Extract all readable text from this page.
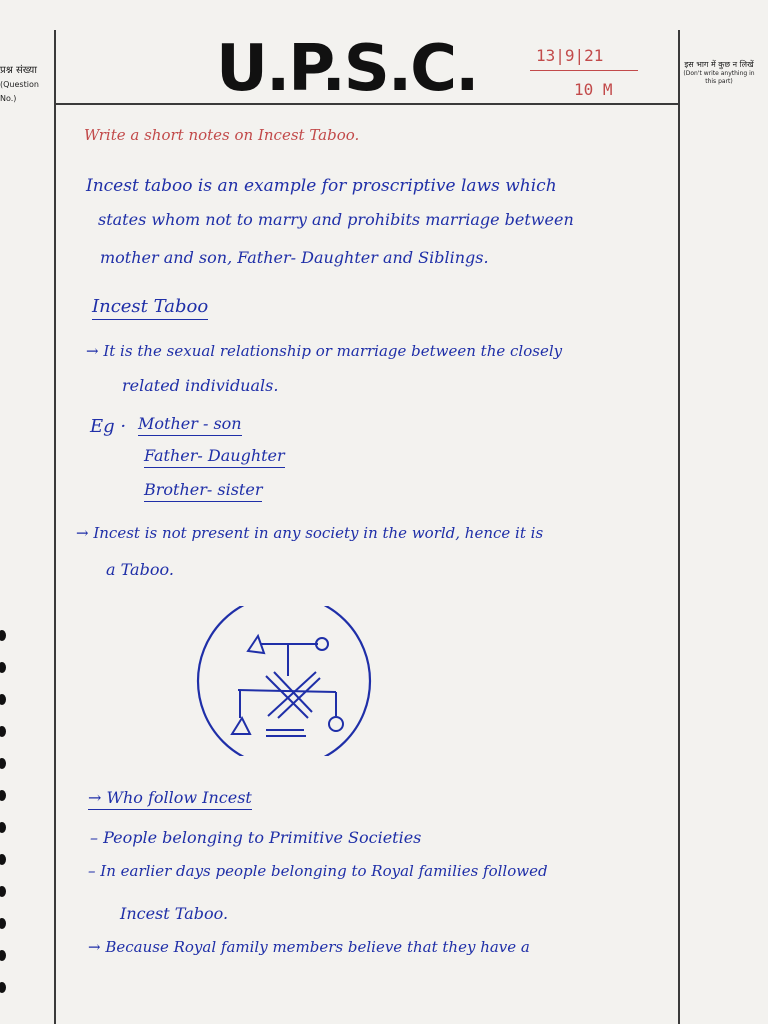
प्रश्न संख्या
(Question No.)	U.P.S.C.	13|9|21
10 M
इस भाग में कुछ न लिखें
(Don't write anything in this part)
Write a short notes on Incest Taboo.
Incest taboo is an example for proscriptive laws which
states whom not to marry and prohibits marriage between
mother and son, Father- Daughter and Siblings.
Incest Taboo
→ It is the sexual relationship or marriage between the closely
related individuals.
Eg · Mother - son
Father- Daughter
Brother- sister
→ Incest is not present in any society in the world, hence it is
a Taboo.
→ Who follow Incest
– People belonging to Primitive Societies
– In earlier days people belonging to Royal families followed
Incest Taboo.
→ Because Royal family members believe that they have a
